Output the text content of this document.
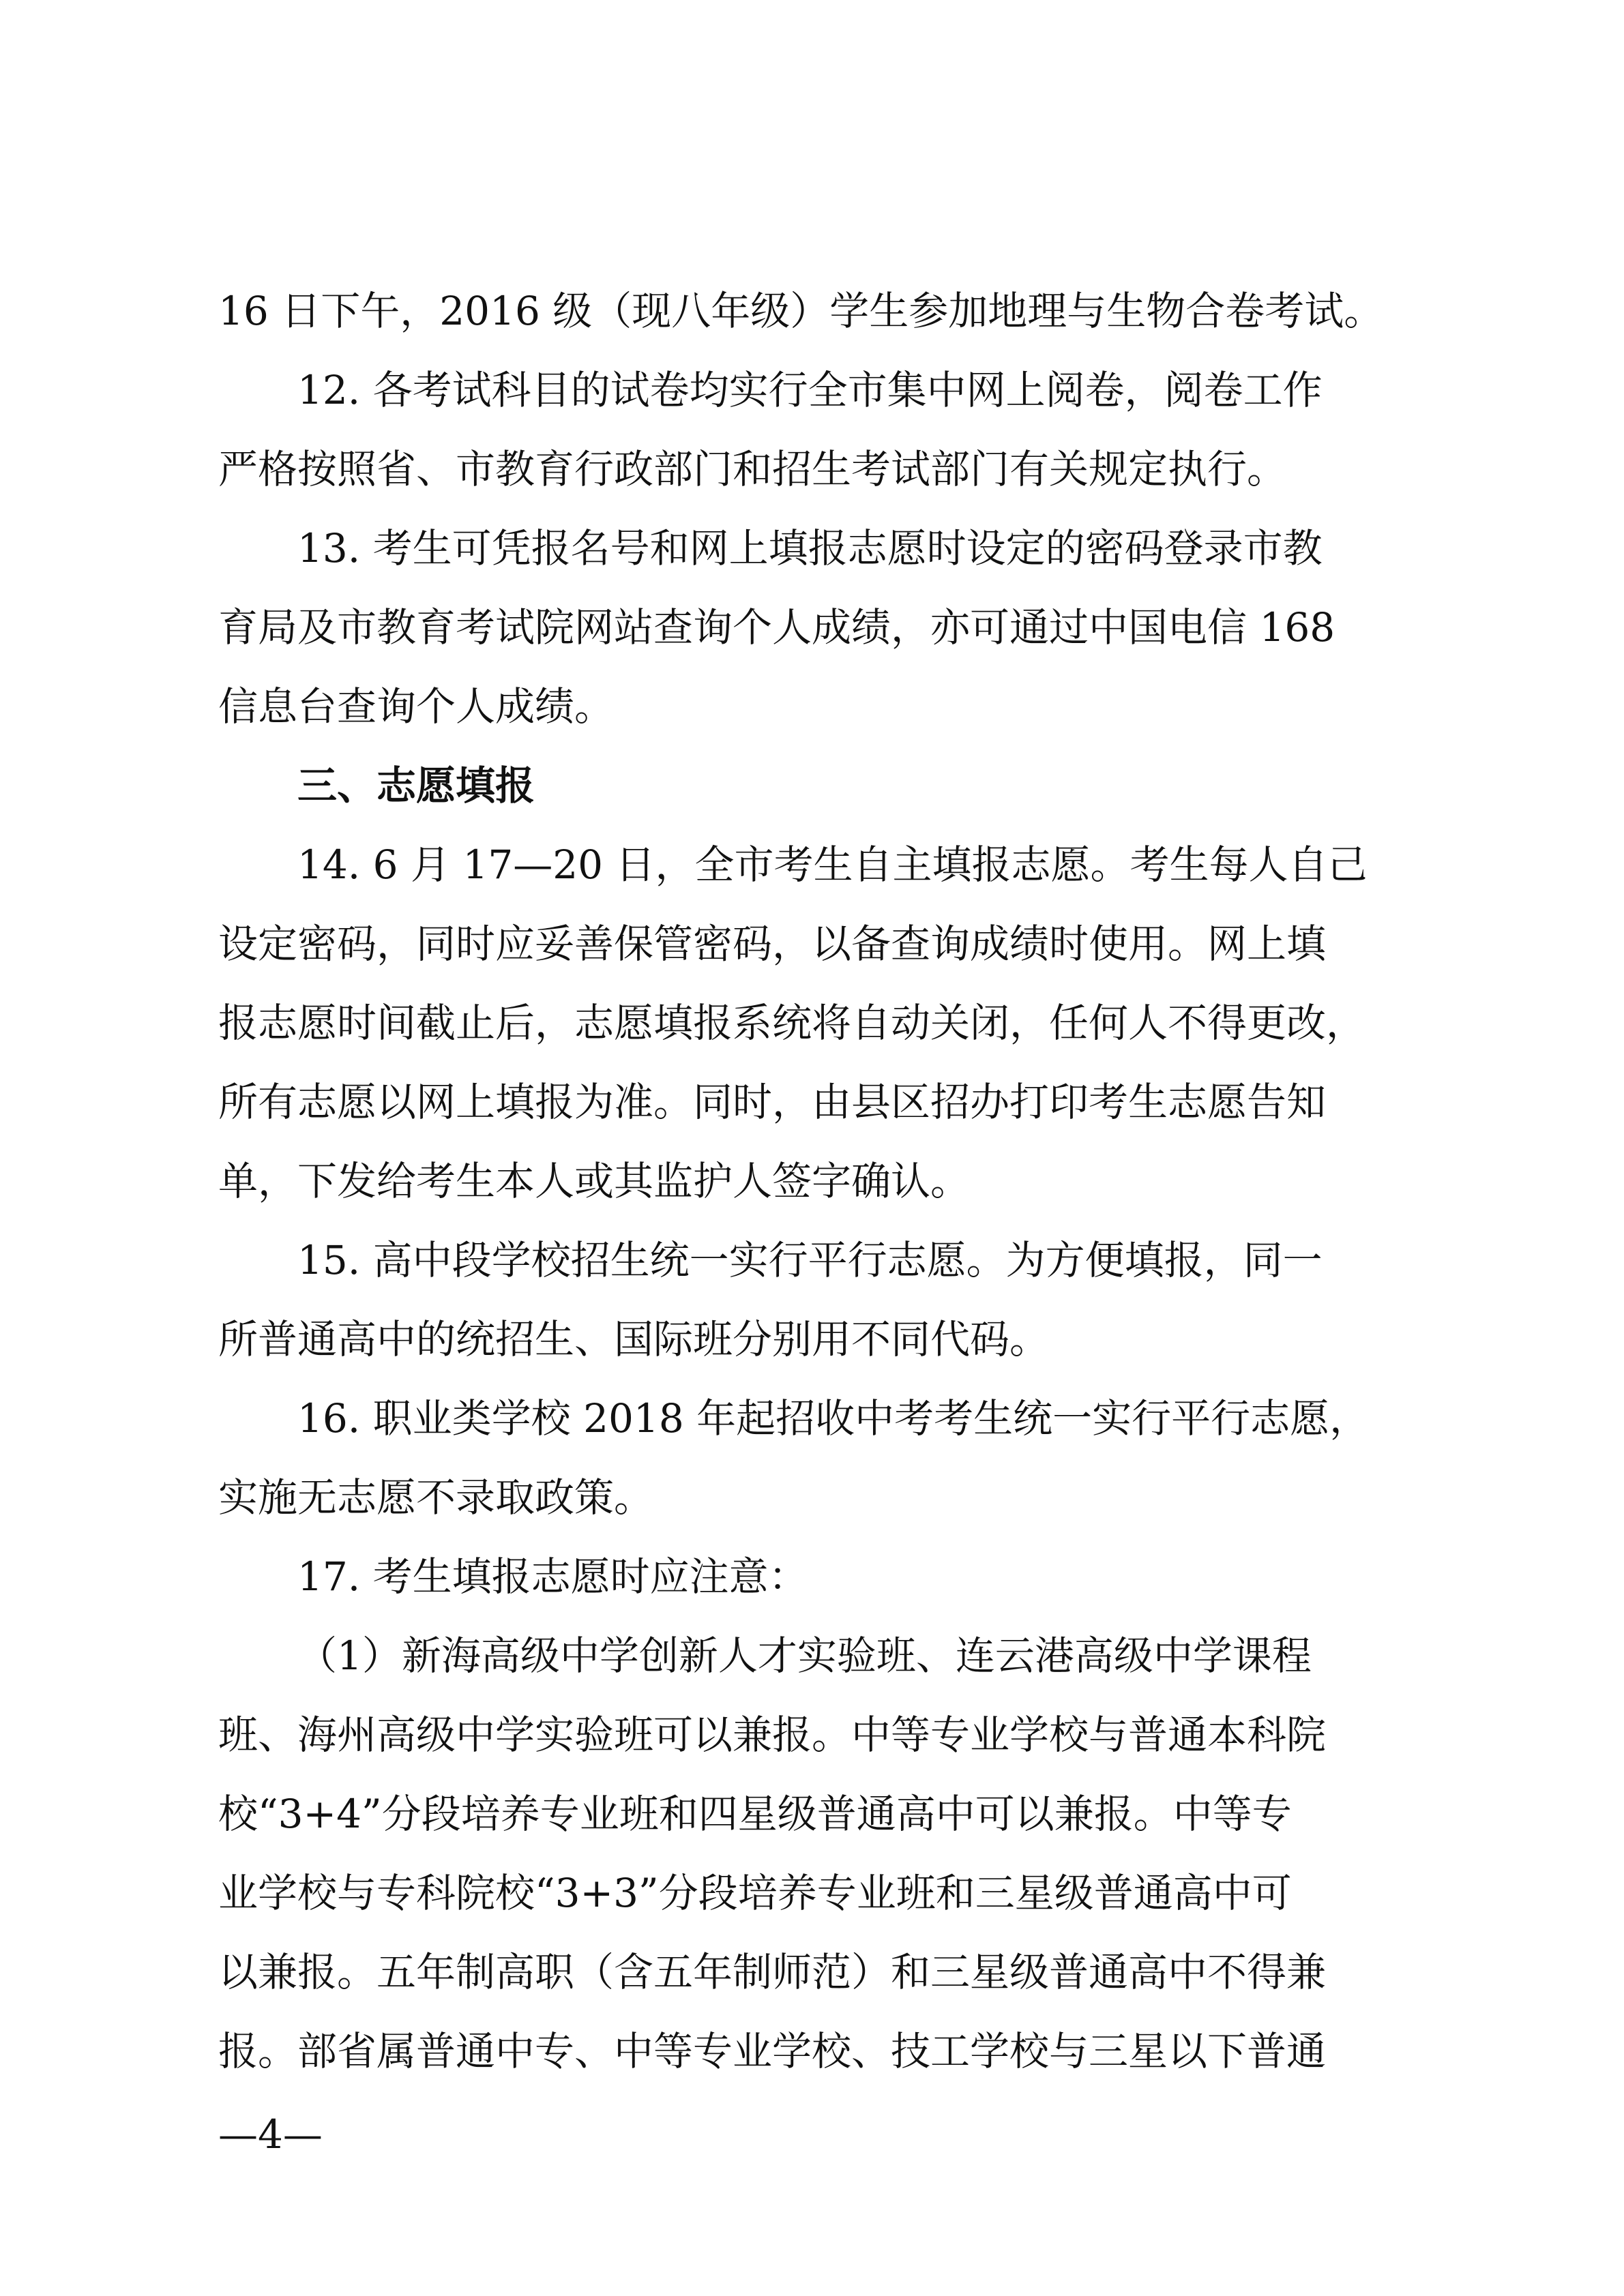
16 日下午，2016 级（现八年级）学生参加地理与生物合卷考试。
12. 各考试科目的试卷均实行全市集中网上阅卷，阅卷工作
严格按照省、市教育行政部门和招生考试部门有关规定执行。
13. 考生可凭报名号和网上填报志愿时设定的密码登录市教
育局及市教育考试院网站查询个人成绩，亦可通过中国电信 168
信息台查询个人成绩。
三、志愿填报
14. 6 月 17—20 日，全市考生自主填报志愿。考生每人自己
设定密码，同时应妥善保管密码，以备查询成绩时使用。网上填
报志愿时间截止后，志愿填报系统将自动关闭，任何人不得更改，
所有志愿以网上填报为准。同时，由县区招办打印考生志愿告知
单，下发给考生本人或其监护人签字确认。
15. 高中段学校招生统一实行平行志愿。为方便填报，同一
所普通高中的统招生、国际班分别用不同代码。
16. 职业类学校 2018 年起招收中考考生统一实行平行志愿，
实施无志愿不录取政策。
17. 考生填报志愿时应注意：
（1）新海高级中学创新人才实验班、连云港高级中学课程
班、海州高级中学实验班可以兼报。中等专业学校与普通本科院
校“3+4”分段培养专业班和四星级普通高中可以兼报。中等专
业学校与专科院校“3+3”分段培养专业班和三星级普通高中可
以兼报。五年制高职（含五年制师范）和三星级普通高中不得兼
报。部省属普通中专、中等专业学校、技工学校与三星以下普通
—4—
